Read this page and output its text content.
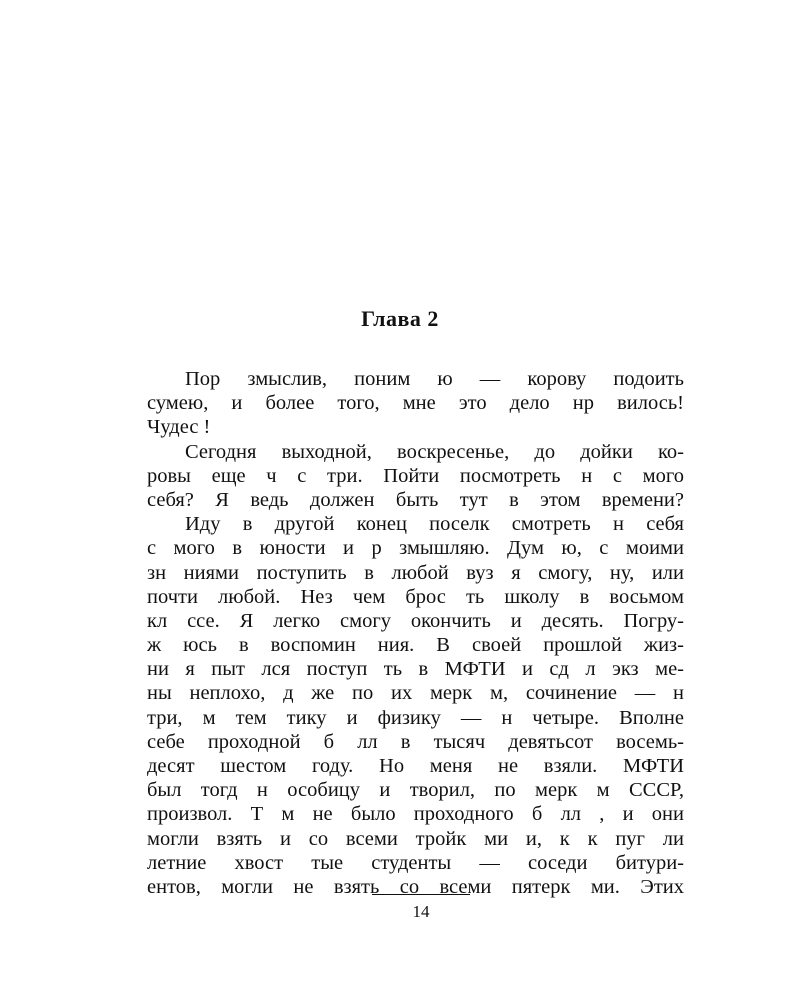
Глава 2
Пор змыслив, поним ю — корову подоить
сумею, и более того, мне это дело нр вилось!
Чудес !
Сегодня выходной, воскресенье, до дойки ко-
ровы еще ч с три. Пойти посмотреть н с мого
себя? Я ведь должен быть тут в этом времени?
Иду в другой конец поселк смотреть н себя
с мого в юности и р змышляю. Дум ю, с моими
зн ниями поступить в любой вуз я смогу, ну, или
почти любой. Нез чем брос ть школу в восьмом
кл ссе. Я легко смогу окончить и десять. Погру-
ж юсь в воспомин ния. В своей прошлой жиз-
ни я пыт лся поступ ть в МФТИ и сд л экз ме-
ны неплохо, д же по их мерк м, сочинение — н
три, м тем тику и физику — н четыре. Вполне
себе проходной б лл в тысяч девятьсот восемь-
десят шестом году. Но меня не взяли. МФТИ
был тогд н особицу и творил, по мерк м СССР,
произвол. Т м не было проходного б лл , и они
могли взять и со всеми тройк ми и, к к пуг ли
летние хвост тые студенты — соседи битури-
ентов, могли не взять со всеми пятерк ми. Этих
14
